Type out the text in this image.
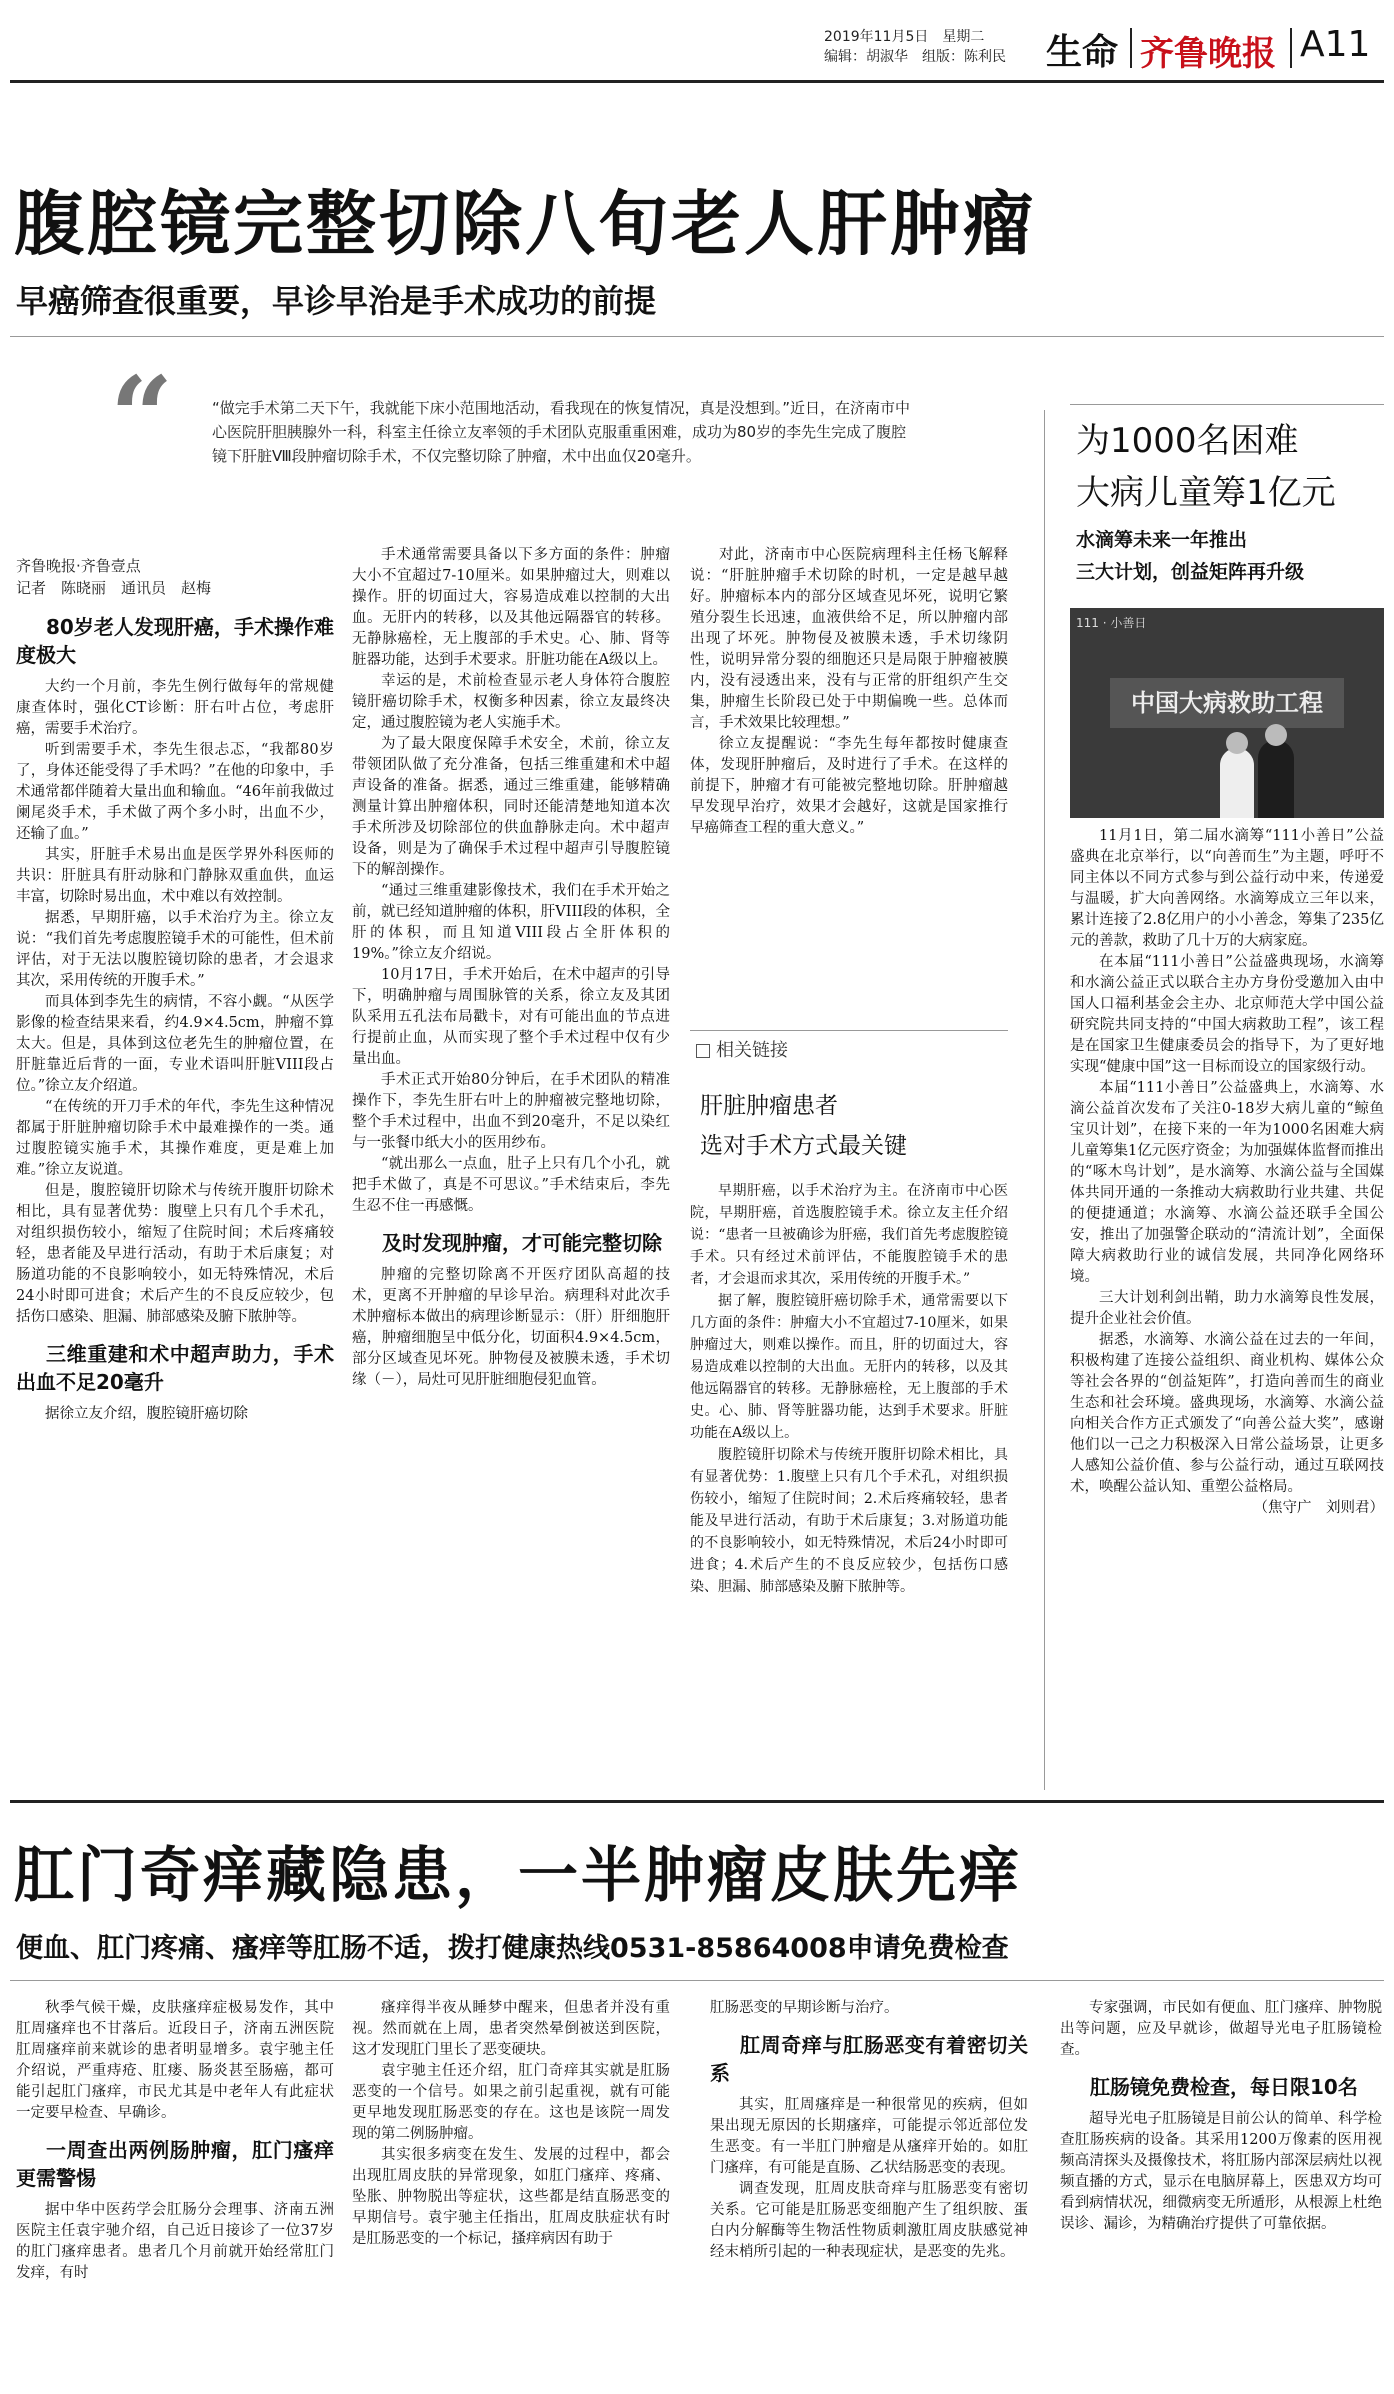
2019年11月5日　星期二
编辑：胡淑华　组版：陈利民 生命 齐鲁晚报 A11
腹腔镜完整切除八旬老人肝肿瘤
早癌筛查很重要，早诊早治是手术成功的前提
“	“做完手术第二天下午，我就能下床小范围地活动，看我现在的恢复情况，真是没想到。”近日，在济南市中心医院肝胆胰腺外一科，科室主任徐立友率领的手术团队克服重重困难，成功为80岁的李先生完成了腹腔镜下肝脏Ⅷ段肿瘤切除手术，不仅完整切除了肿瘤，术中出血仅20毫升。
齐鲁晚报·齐鲁壹点
记者　陈晓丽　通讯员　赵梅
80岁老人发现肝癌，手术操作难度极大

大约一个月前，李先生例行做每年的常规健康查体时，强化CT诊断：肝右叶占位，考虑肝癌，需要手术治疗。

听到需要手术，李先生很忐忑，“我都80岁了，身体还能受得了手术吗？”在他的印象中，手术通常都伴随着大量出血和输血。“46年前我做过阑尾炎手术，手术做了两个多小时，出血不少，还输了血。”

其实，肝脏手术易出血是医学界外科医师的共识：肝脏具有肝动脉和门静脉双重血供，血运丰富，切除时易出血，术中难以有效控制。

据悉，早期肝癌，以手术治疗为主。徐立友说：“我们首先考虑腹腔镜手术的可能性，但术前评估，对于无法以腹腔镜切除的患者，才会退求其次，采用传统的开腹手术。”

而具体到李先生的病情，不容小觑。“从医学影像的检查结果来看，约4.9×4.5cm，肿瘤不算太大。但是，具体到这位老先生的肿瘤位置，在肝脏靠近后背的一面，专业术语叫肝脏VIII段占位。”徐立友介绍道。

“在传统的开刀手术的年代，李先生这种情况都属于肝脏肿瘤切除手术中最难操作的一类。通过腹腔镜实施手术，其操作难度，更是难上加难。”徐立友说道。

但是，腹腔镜肝切除术与传统开腹肝切除术相比，具有显著优势：腹壁上只有几个手术孔，对组织损伤较小，缩短了住院时间；术后疼痛较轻，患者能及早进行活动，有助于术后康复；对肠道功能的不良影响较小，如无特殊情况，术后24小时即可进食；术后产生的不良反应较少，包括伤口感染、胆漏、肺部感染及腑下脓肿等。

三维重建和术中超声助力，手术出血不足20毫升

据徐立友介绍，腹腔镜肝癌切除

手术通常需要具备以下多方面的条件：肿瘤大小不宜超过7-10厘米。如果肿瘤过大，则难以操作。肝的切面过大，容易造成难以控制的大出血。无肝内的转移，以及其他远隔器官的转移。无静脉癌栓，无上腹部的手术史。心、肺、肾等脏器功能，达到手术要求。肝脏功能在A级以上。

幸运的是，术前检查显示老人身体符合腹腔镜肝癌切除手术，权衡多种因素，徐立友最终决定，通过腹腔镜为老人实施手术。

为了最大限度保障手术安全，术前，徐立友带领团队做了充分准备，包括三维重建和术中超声设备的准备。据悉，通过三维重建，能够精确测量计算出肿瘤体积，同时还能清楚地知道本次手术所涉及切除部位的供血静脉走向。术中超声设备，则是为了确保手术过程中超声引导腹腔镜下的解剖操作。

“通过三维重建影像技术，我们在手术开始之前，就已经知道肿瘤的体积，肝VIII段的体积，全肝的体积，而且知道VIII段占全肝体积的19%。”徐立友介绍说。

10月17日，手术开始后，在术中超声的引导下，明确肿瘤与周围脉管的关系，徐立友及其团队采用五孔法布局戳卡，对有可能出血的节点进行提前止血，从而实现了整个手术过程中仅有少量出血。

手术正式开始80分钟后，在手术团队的精准操作下，李先生肝右叶上的肿瘤被完整地切除，整个手术过程中，出血不到20毫升，不足以染红与一张餐巾纸大小的医用纱布。

“就出那么一点血，肚子上只有几个小孔，就把手术做了，真是不可思议。”手术结束后，李先生忍不住一再感慨。

及时发现肿瘤，才可能完整切除

肿瘤的完整切除离不开医疗团队高超的技术，更离不开肿瘤的早诊早治。病理科对此次手术肿瘤标本做出的病理诊断显示：（肝）肝细胞肝癌，肿瘤细胞呈中低分化，切面积4.9×4.5cm，部分区域查见坏死。肿物侵及被膜未透，手术切缘（－），局灶可见肝脏细胞侵犯血管。

对此，济南市中心医院病理科主任杨飞解释说：“肝脏肿瘤手术切除的时机，一定是越早越好。肿瘤标本内的部分区域查见坏死，说明它繁殖分裂生长迅速，血液供给不足，所以肿瘤内部出现了坏死。肿物侵及被膜未透，手术切缘阴性，说明异常分裂的细胞还只是局限于肿瘤被膜内，没有浸透出来，没有与正常的肝组织产生交集，肿瘤生长阶段已处于中期偏晚一些。总体而言，手术效果比较理想。”

徐立友提醒说：“李先生每年都按时健康查体，发现肝肿瘤后，及时进行了手术。在这样的前提下，肿瘤才有可能被完整地切除。肝肿瘤越早发现早治疗，效果才会越好，这就是国家推行早癌筛查工程的重大意义。”

相关链接
肝脏肿瘤患者
选对手术方式最关键

早期肝癌，以手术治疗为主。在济南市中心医院，早期肝癌，首选腹腔镜手术。徐立友主任介绍说：“患者一旦被确诊为肝癌，我们首先考虑腹腔镜手术。只有经过术前评估，不能腹腔镜手术的患者，才会退而求其次，采用传统的开腹手术。”

据了解，腹腔镜肝癌切除手术，通常需要以下几方面的条件：肿瘤大小不宜超过7-10厘米，如果肿瘤过大，则难以操作。而且，肝的切面过大，容易造成难以控制的大出血。无肝内的转移，以及其他远隔器官的转移。无静脉癌栓，无上腹部的手术史。心、肺、肾等脏器功能，达到手术要求。肝脏功能在A级以上。

腹腔镜肝切除术与传统开腹肝切除术相比，具有显著优势：1.腹壁上只有几个手术孔，对组织损伤较小，缩短了住院时间；2.术后疼痛较轻，患者能及早进行活动，有助于术后康复；3.对肠道功能的不良影响较小，如无特殊情况，术后24小时即可进食；4.术后产生的不良反应较少，包括伤口感染、胆漏、肺部感染及腑下脓肿等。

为1000名困难
大病儿童筹1亿元
水滴筹未来一年推出
三大计划，创益矩阵再升级
111 · 小善日
中国大病救助工程

11月1日，第二届水滴筹“111小善日”公益盛典在北京举行，以“向善而生”为主题，呼吁不同主体以不同方式参与到公益行动中来，传递爱与温暖，扩大向善网络。水滴筹成立三年以来，累计连接了2.8亿用户的小小善念，筹集了235亿元的善款，救助了几十万的大病家庭。

在本届“111小善日”公益盛典现场，水滴筹和水滴公益正式以联合主办方身份受邀加入由中国人口福利基金会主办、北京师范大学中国公益研究院共同支持的“中国大病救助工程”，该工程是在国家卫生健康委员会的指导下，为了更好地实现“健康中国”这一目标而设立的国家级行动。

本届“111小善日”公益盛典上，水滴筹、水滴公益首次发布了关注0-18岁大病儿童的“鲸鱼宝贝计划”，在接下来的一年为1000名困难大病儿童筹集1亿元医疗资金；为加强媒体监督而推出的“啄木鸟计划”，是水滴筹、水滴公益与全国媒体共同开通的一条推动大病救助行业共建、共促的便捷通道；水滴筹、水滴公益还联手全国公安，推出了加强警企联动的“清流计划”，全面保障大病救助行业的诚信发展，共同净化网络环境。

三大计划利剑出鞘，助力水滴筹良性发展，提升企业社会价值。

据悉，水滴筹、水滴公益在过去的一年间，积极构建了连接公益组织、商业机构、媒体公众等社会各界的“创益矩阵”，打造向善而生的商业生态和社会环境。盛典现场，水滴筹、水滴公益向相关合作方正式颁发了“向善公益大奖”，感谢他们以一己之力积极深入日常公益场景，让更多人感知公益价值、参与公益行动，通过互联网技术，唤醒公益认知、重塑公益格局。

（焦守广　刘则君）
肛门奇痒藏隐患，一半肿瘤皮肤先痒
便血、肛门疼痛、瘙痒等肛肠不适，拨打健康热线0531-85864008申请免费检查

秋季气候干燥，皮肤瘙痒症极易发作，其中肛周瘙痒也不甘落后。近段日子，济南五洲医院肛周瘙痒前来就诊的患者明显增多。袁宇驰主任介绍说，严重痔疮、肛瘘、肠炎甚至肠癌，都可能引起肛门瘙痒，市民尤其是中老年人有此症状一定要早检查、早确诊。

一周查出两例肠肿瘤，肛门瘙痒更需警惕

据中华中医药学会肛肠分会理事、济南五洲医院主任袁宇驰介绍，自己近日接诊了一位37岁的肛门瘙痒患者。患者几个月前就开始经常肛门发痒，有时

瘙痒得半夜从睡梦中醒来，但患者并没有重视。然而就在上周，患者突然晕倒被送到医院，这才发现肛门里长了恶变硬块。

袁宇驰主任还介绍，肛门奇痒其实就是肛肠恶变的一个信号。如果之前引起重视，就有可能更早地发现肛肠恶变的存在。这也是该院一周发现的第二例肠肿瘤。

其实很多病变在发生、发展的过程中，都会出现肛周皮肤的异常现象，如肛门瘙痒、疼痛、坠胀、肿物脱出等症状，这些都是结直肠恶变的早期信号。袁宇驰主任指出，肛周皮肤症状有时是肛肠恶变的一个标记，搔痒病因有助于

肛肠恶变的早期诊断与治疗。

肛周奇痒与肛肠恶变有着密切关系

其实，肛周瘙痒是一种很常见的疾病，但如果出现无原因的长期瘙痒，可能提示邻近部位发生恶变。有一半肛门肿瘤是从瘙痒开始的。如肛门瘙痒，有可能是直肠、乙状结肠恶变的表现。

调查发现，肛周皮肤奇痒与肛肠恶变有密切关系。它可能是肛肠恶变细胞产生了组织胺、蛋白内分解酶等生物活性物质刺激肛周皮肤感觉神经末梢所引起的一种表现症状，是恶变的先兆。

专家强调，市民如有便血、肛门瘙痒、肿物脱出等问题，应及早就诊，做超导光电子肛肠镜检查。

肛肠镜免费检查，每日限10名

超导光电子肛肠镜是目前公认的简单、科学检查肛肠疾病的设备。其采用1200万像素的医用视频高清探头及摄像技术，将肛肠内部深层病灶以视频直播的方式，显示在电脑屏幕上，医患双方均可看到病情状况，细微病变无所遁形，从根源上杜绝误诊、漏诊，为精确治疗提供了可靠依据。
